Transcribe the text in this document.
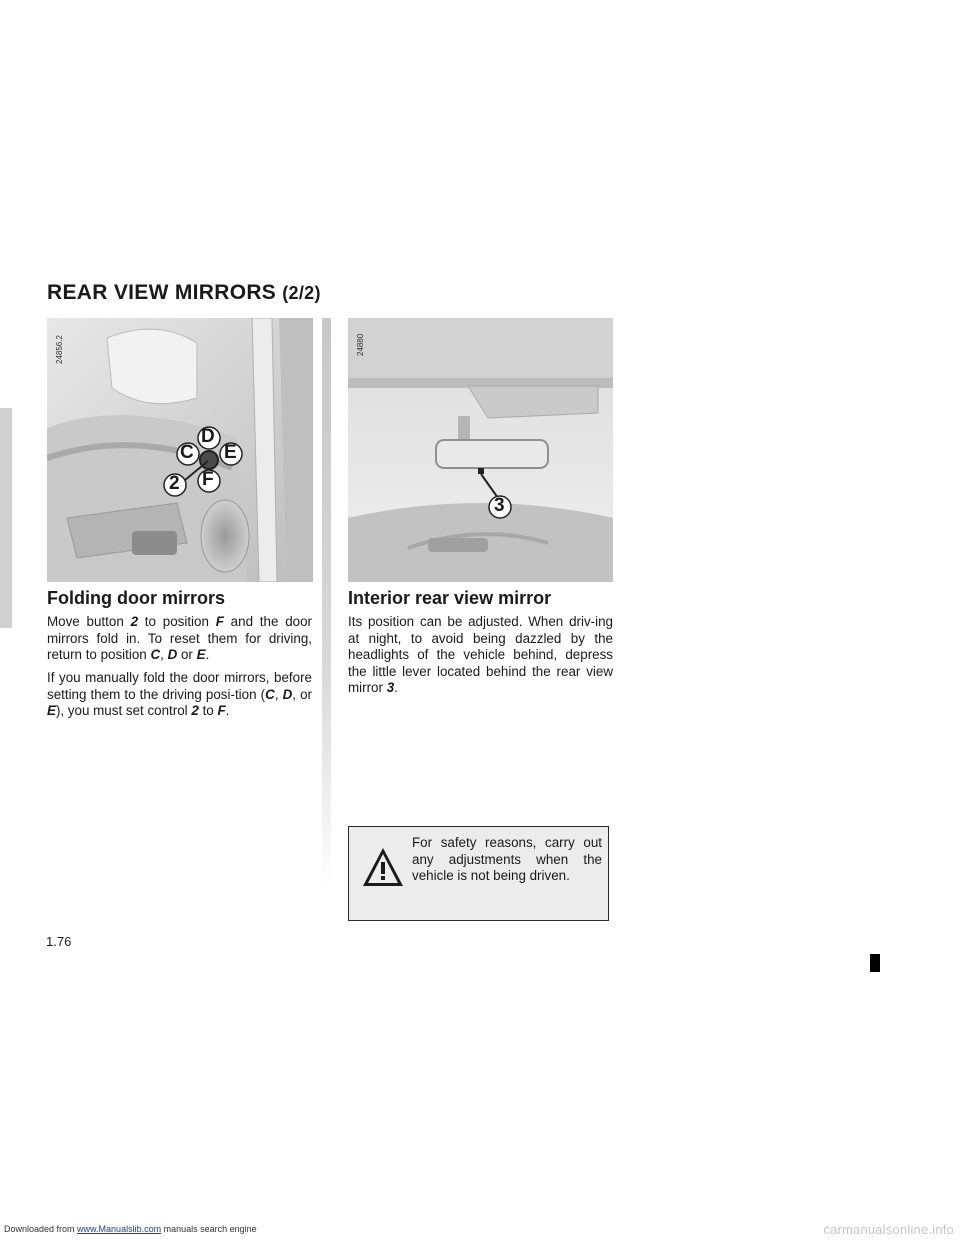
Downloaded from www.Manualslib.com manuals search engine	carmanualsonline.info
REAR VIEW MIRRORS (2/2)
24856.2
D
C E
2 F
24880
3
Folding door mirrors
Move button 2 to position F and the door mirrors fold in. To reset them for driving, return to position C, D or E.
If you manually fold the door mirrors, before setting them to the driving posi-tion (C, D, or E), you must set control 2 to F.
Interior rear view mirror
Its position can be adjusted. When driv-ing at night, to avoid being dazzled by the headlights of the vehicle behind, depress the little lever located behind the rear view mirror 3.
For safety reasons, carry out any adjustments when the vehicle is not being driven.
1.76
